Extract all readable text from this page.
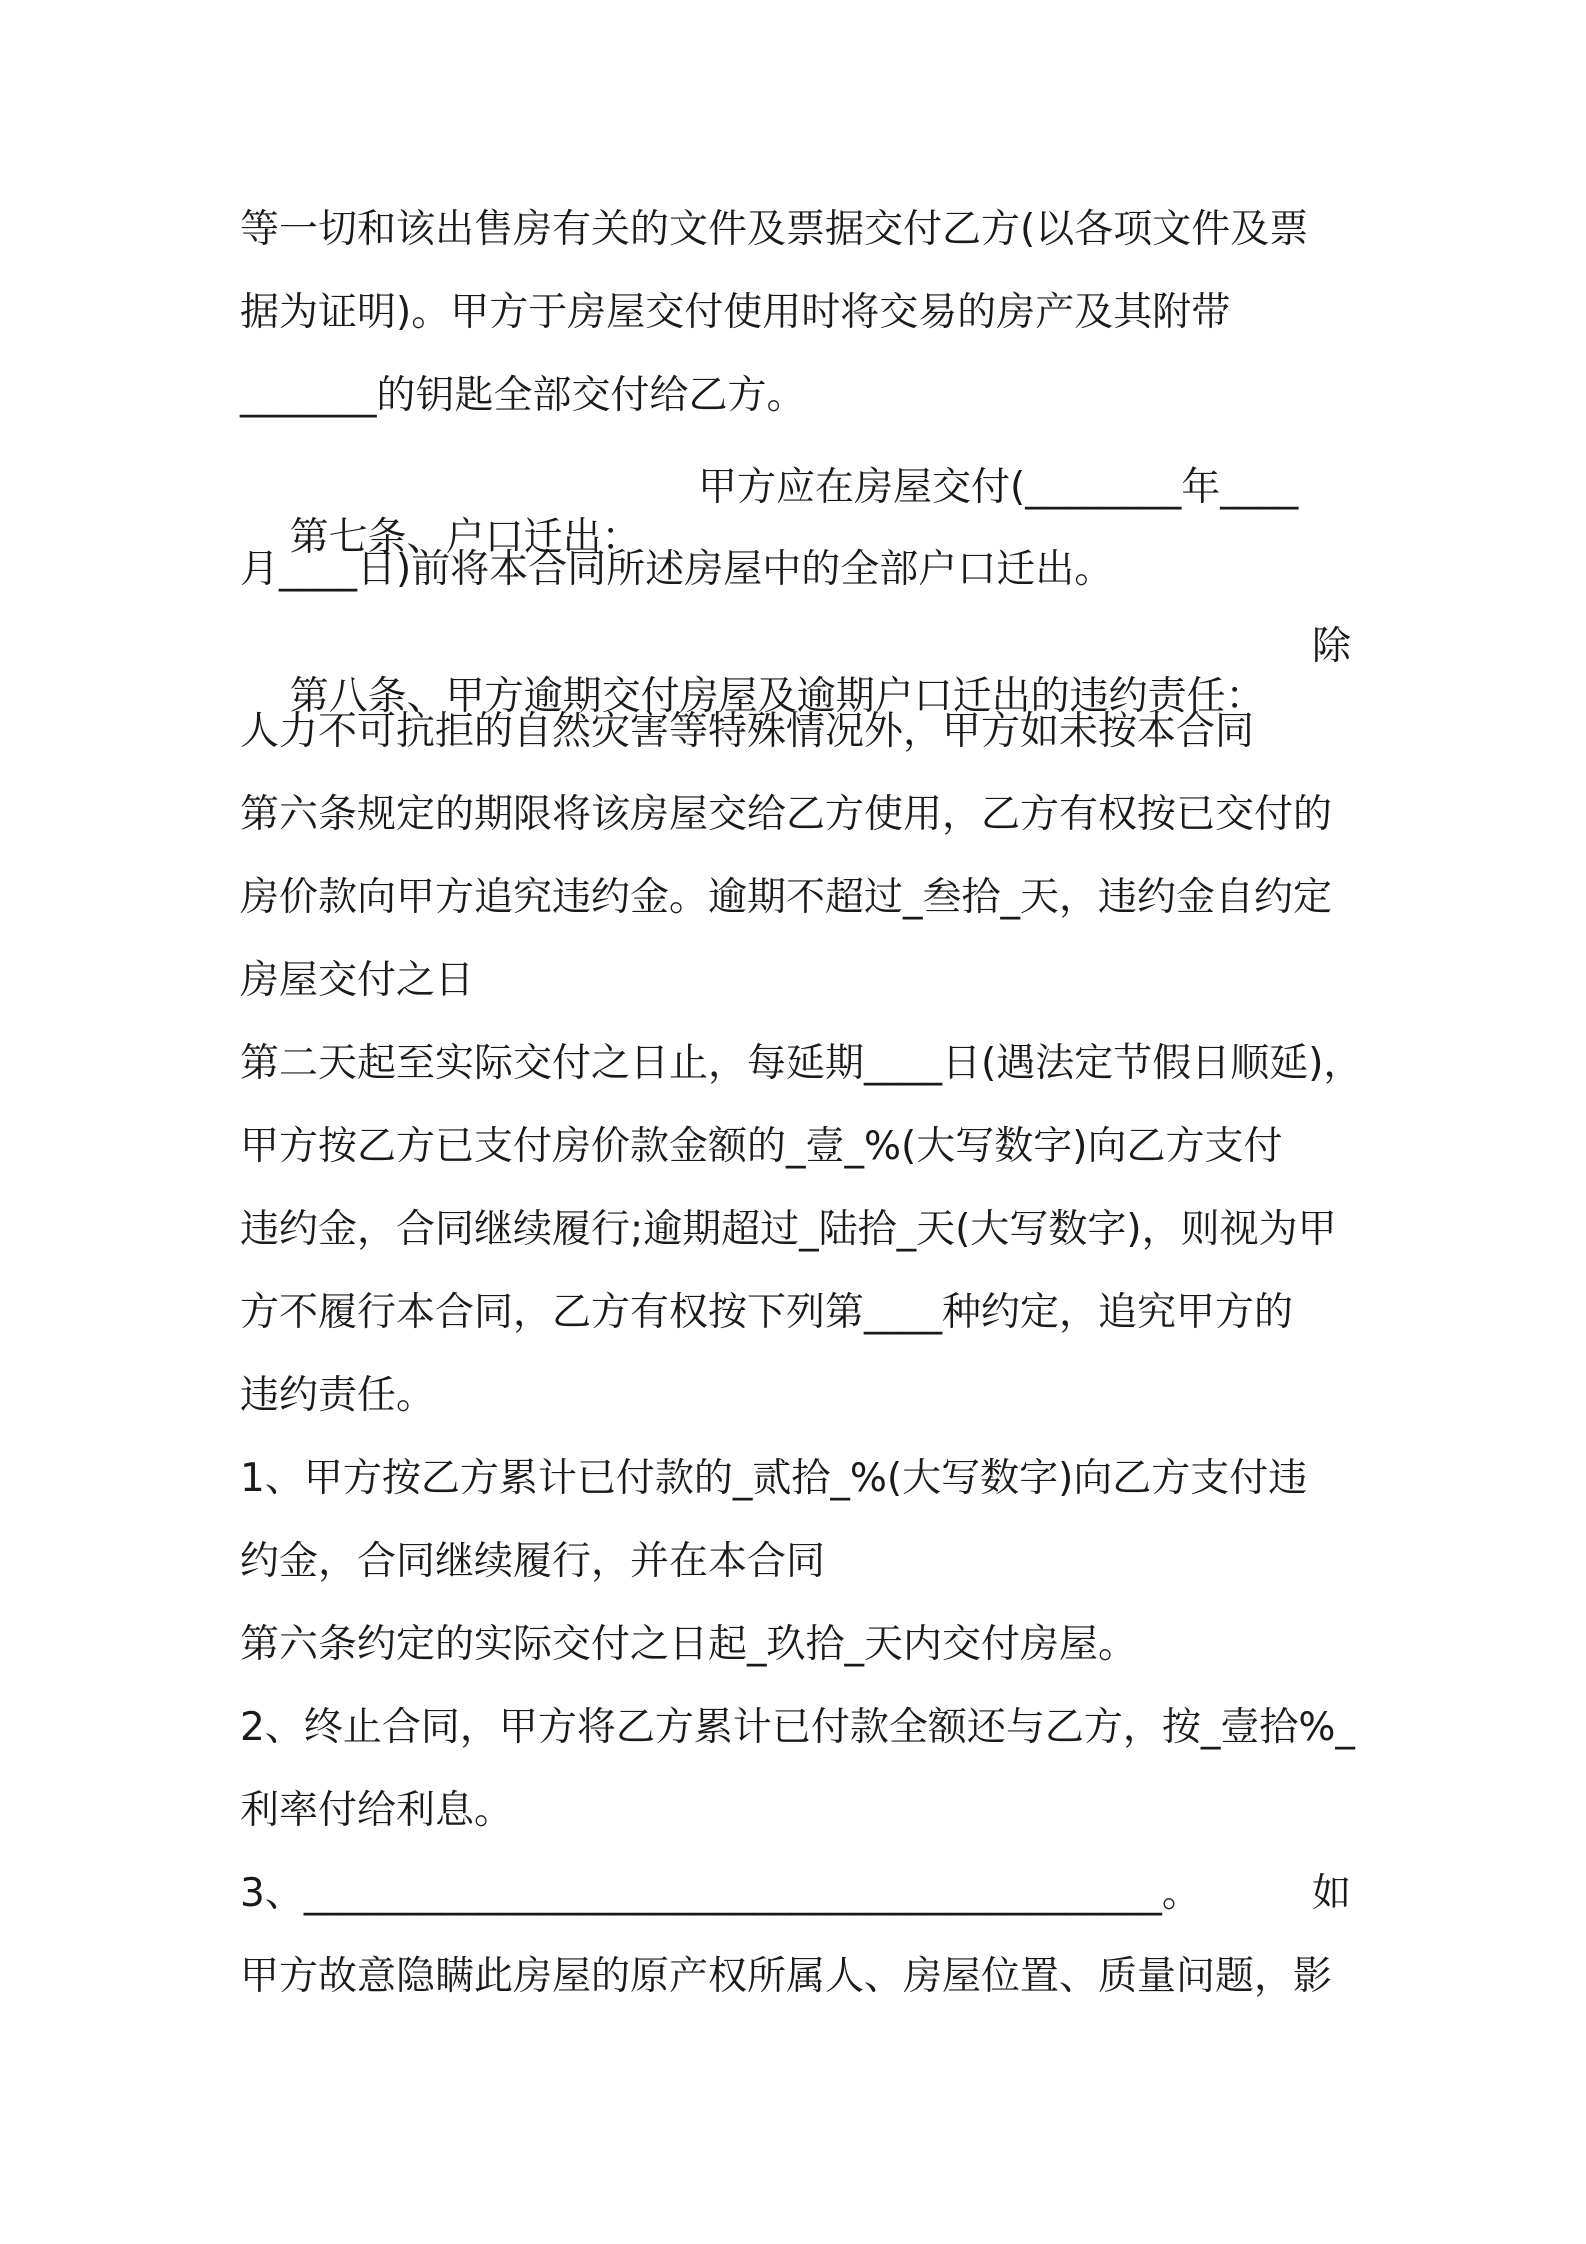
等一切和该出售房有关的文件及票据交付乙方(以各项文件及票
据为证明)。甲方于房屋交付使用时将交易的房产及其附带
_______的钥匙全部交付给乙方。

第七条、户口迁出：

甲方应在房屋交付(________年____
月____日)前将本合同所述房屋中的全部户口迁出。

第八条、甲方逾期交付房屋及逾期户口迁出的违约责任：

除
人力不可抗拒的自然灾害等特殊情况外，甲方如未按本合同
第六条规定的期限将该房屋交给乙方使用，乙方有权按已交付的
房价款向甲方追究违约金。逾期不超过_叁拾_天，违约金自约定
房屋交付之日
第二天起至实际交付之日止，每延期____日(遇法定节假日顺延)，
甲方按乙方已支付房价款金额的_壹_%(大写数字)向乙方支付
违约金，合同继续履行;逾期超过_陆拾_天(大写数字)，则视为甲
方不履行本合同，乙方有权按下列第____种约定，追究甲方的
违约责任。
1、甲方按乙方累计已付款的_贰拾_%(大写数字)向乙方支付违
约金，合同继续履行，并在本合同
第六条约定的实际交付之日起_玖拾_天内交付房屋。
2、终止合同，甲方将乙方累计已付款全额还与乙方，按_壹拾%_
利率付给利息。
3、____________________________________________。	如
甲方故意隐瞒此房屋的原产权所属人、房屋位置、质量问题，影
